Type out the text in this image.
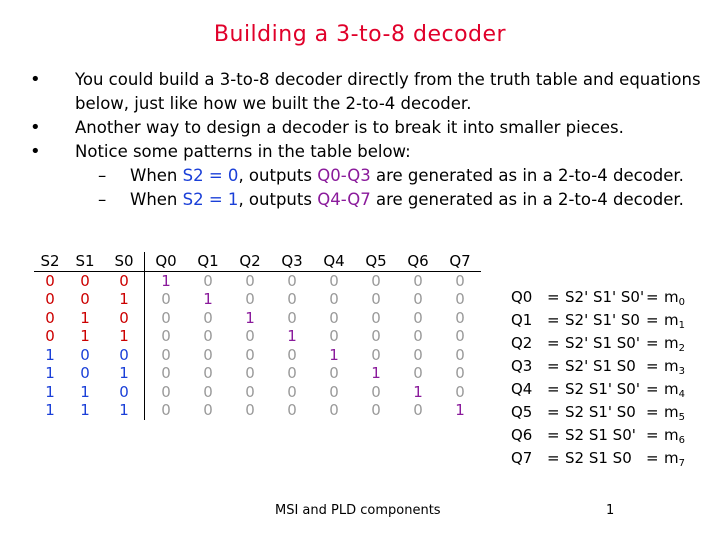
Building a 3-to-8 decoder
• You could build a 3-to-8 decoder directly from the truth table and equations below, just like how we built the 2-to-4 decoder.
• Another way to design a decoder is to break it into smaller pieces.
• Notice some patterns in the table below:
– When S2 = 0, outputs Q0-Q3 are generated as in a 2-to-4 decoder.
– When S2 = 1, outputs Q4-Q7 are generated as in a 2-to-4 decoder.
S2	S1	S0	Q0	Q1	Q2	Q3	Q4	Q5	Q6	Q7
0	0	0	1	0	0	0	0	0	0	0
0	0	1	0	1	0	0	0	0	0	0
0	1	0	0	0	1	0	0	0	0	0
0	1	1	0	0	0	1	0	0	0	0
1	0	0	0	0	0	0	1	0	0	0
1	0	1	0	0	0	0	0	1	0	0
1	1	0	0	0	0	0	0	0	1	0
1	1	1	0	0	0	0	0	0	0	1
Q0 = S2' S1' $S0' = m_0$
Q1 = S2' S1' $S0 = m_1$
Q2 = S2' S1 $S0' = m_2$
Q3 = S2' S1 $S0 = m_3$
Q4 = S2 S1' $S0' = m_4$
Q5 = S2 S1' $S0 = m_5$
Q6 = S2 S1 $S0' = m_6$
Q7 = S2 S1 $S0 = m_7$
MSI and PLD components	1
